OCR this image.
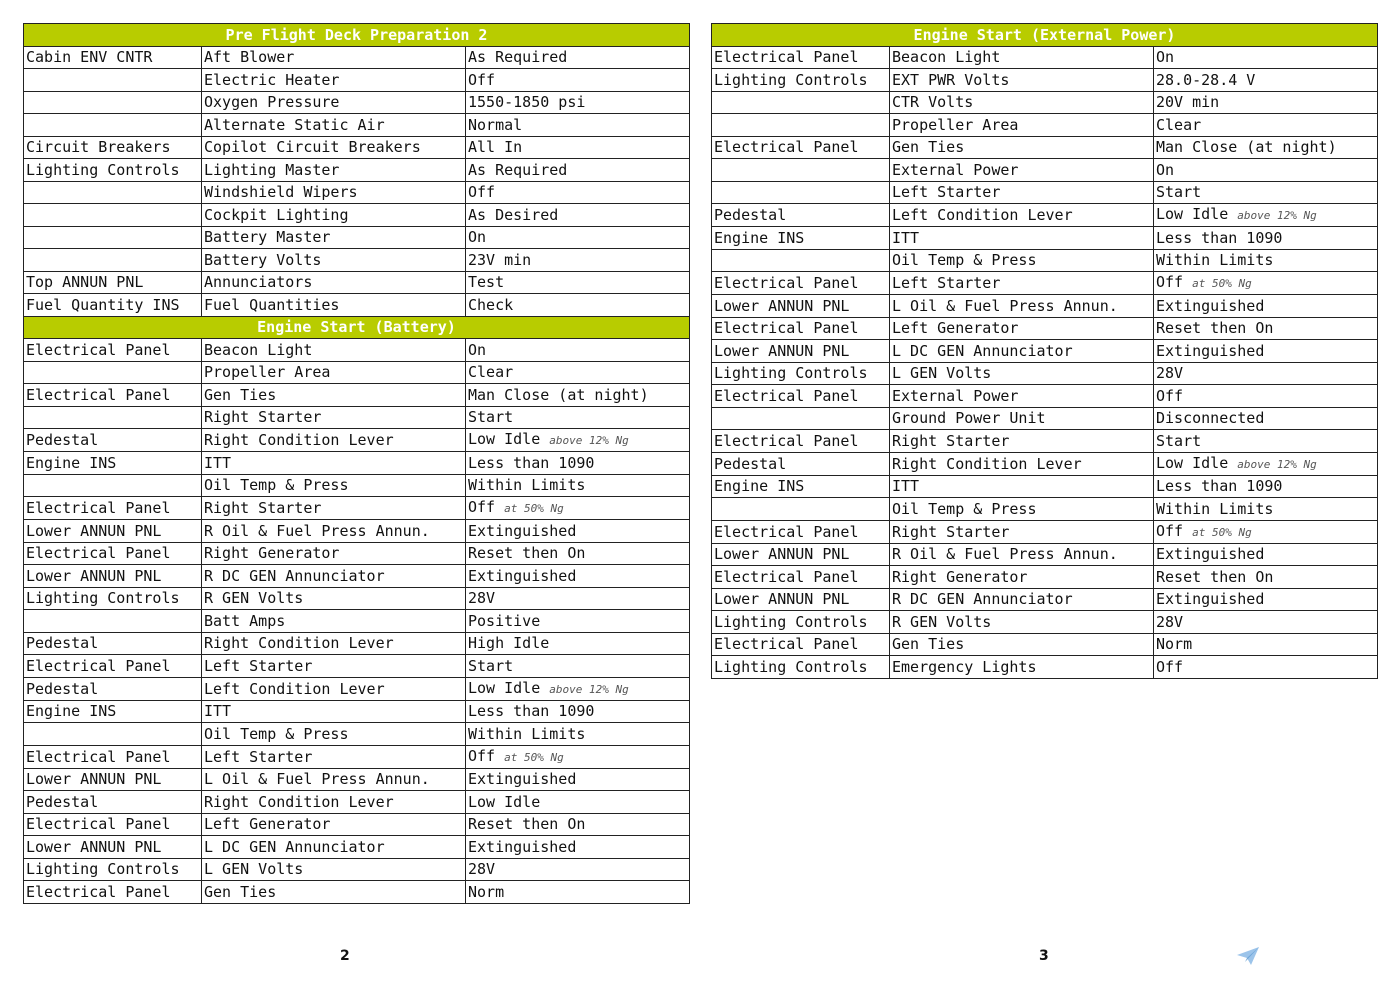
Pre Flight Deck Preparation 2		
Cabin ENV CNTR	Aft Blower	As Required
	Electric Heater	Off
	Oxygen Pressure	1550-1850 psi
	Alternate Static Air	Normal
Circuit Breakers	Copilot Circuit Breakers	All In
Lighting Controls	Lighting Master	As Required
	Windshield Wipers	Off
	Cockpit Lighting	As Desired
	Battery Master	On
	Battery Volts	23V min
Top ANNUN PNL	Annunciators	Test
Fuel Quantity INS	Fuel Quantities	Check
Engine Start (Battery)		
Electrical Panel	Beacon Light	On
	Propeller Area	Clear
Electrical Panel	Gen Ties	Man Close (at night)
	Right Starter	Start
Pedestal	Right Condition Lever	Low Idle above 12% Ng
Engine INS	ITT	Less than 1090
	Oil Temp & Press	Within Limits
Electrical Panel	Right Starter	Off at 50% Ng
Lower ANNUN PNL	R Oil & Fuel Press Annun.	Extinguished
Electrical Panel	Right Generator	Reset then On
Lower ANNUN PNL	R DC GEN Annunciator	Extinguished
Lighting Controls	R GEN Volts	28V
	Batt Amps	Positive
Pedestal	Right Condition Lever	High Idle
Electrical Panel	Left Starter	Start
Pedestal	Left Condition Lever	Low Idle above 12% Ng
Engine INS	ITT	Less than 1090
	Oil Temp & Press	Within Limits
Electrical Panel	Left Starter	Off at 50% Ng
Lower ANNUN PNL	L Oil & Fuel Press Annun.	Extinguished
Pedestal	Right Condition Lever	Low Idle
Electrical Panel	Left Generator	Reset then On
Lower ANNUN PNL	L DC GEN Annunciator	Extinguished
Lighting Controls	L GEN Volts	28V
Electrical Panel	Gen Ties	Norm
Engine Start (External Power)		
Electrical Panel	Beacon Light	On
Lighting Controls	EXT PWR Volts	28.0-28.4 V
	CTR Volts	20V min
	Propeller Area	Clear
Electrical Panel	Gen Ties	Man Close (at night)
	External Power	On
	Left Starter	Start
Pedestal	Left Condition Lever	Low Idle above 12% Ng
Engine INS	ITT	Less than 1090
	Oil Temp & Press	Within Limits
Electrical Panel	Left Starter	Off at 50% Ng
Lower ANNUN PNL	L Oil & Fuel Press Annun.	Extinguished
Electrical Panel	Left Generator	Reset then On
Lower ANNUN PNL	L DC GEN Annunciator	Extinguished
Lighting Controls	L GEN Volts	28V
Electrical Panel	External Power	Off
	Ground Power Unit	Disconnected
Electrical Panel	Right Starter	Start
Pedestal	Right Condition Lever	Low Idle above 12% Ng
Engine INS	ITT	Less than 1090
	Oil Temp & Press	Within Limits
Electrical Panel	Right Starter	Off at 50% Ng
Lower ANNUN PNL	R Oil & Fuel Press Annun.	Extinguished
Electrical Panel	Right Generator	Reset then On
Lower ANNUN PNL	R DC GEN Annunciator	Extinguished
Lighting Controls	R GEN Volts	28V
Electrical Panel	Gen Ties	Norm
Lighting Controls	Emergency Lights	Off
2	3
